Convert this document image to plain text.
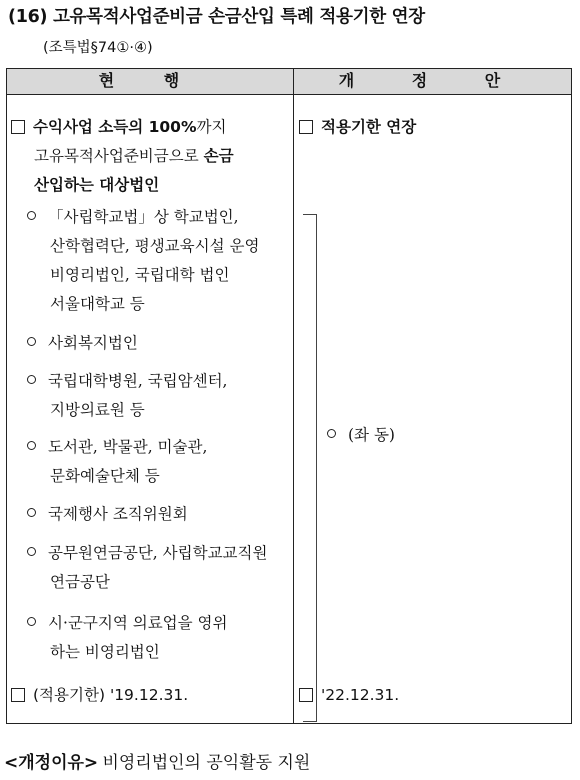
(16) 고유목적사업준비금 손금산입 특례 적용기한 연장
(조특법§74①·④)
현 행	개 정 안
수익사업 소득의 100%까지
고유목적사업준비금으로 손금
산입하는 대상법인
「사립학교법」상 학교법인,
산학협력단, 평생교육시설 운영
비영리법인, 국립대학 법인
서울대학교 등
사회복지법인
국립대학병원, 국립암센터,
지방의료원 등
도서관, 박물관, 미술관,
문화예술단체 등
국제행사 조직위원회
공무원연금공단, 사립학교교직원
연금공단
시·군구지역 의료업을 영위
하는 비영리법인
(적용기한) '19.12.31.
적용기한 연장
(좌 동)
'22.12.31.
<개정이유> 비영리법인의 공익활동 지원
